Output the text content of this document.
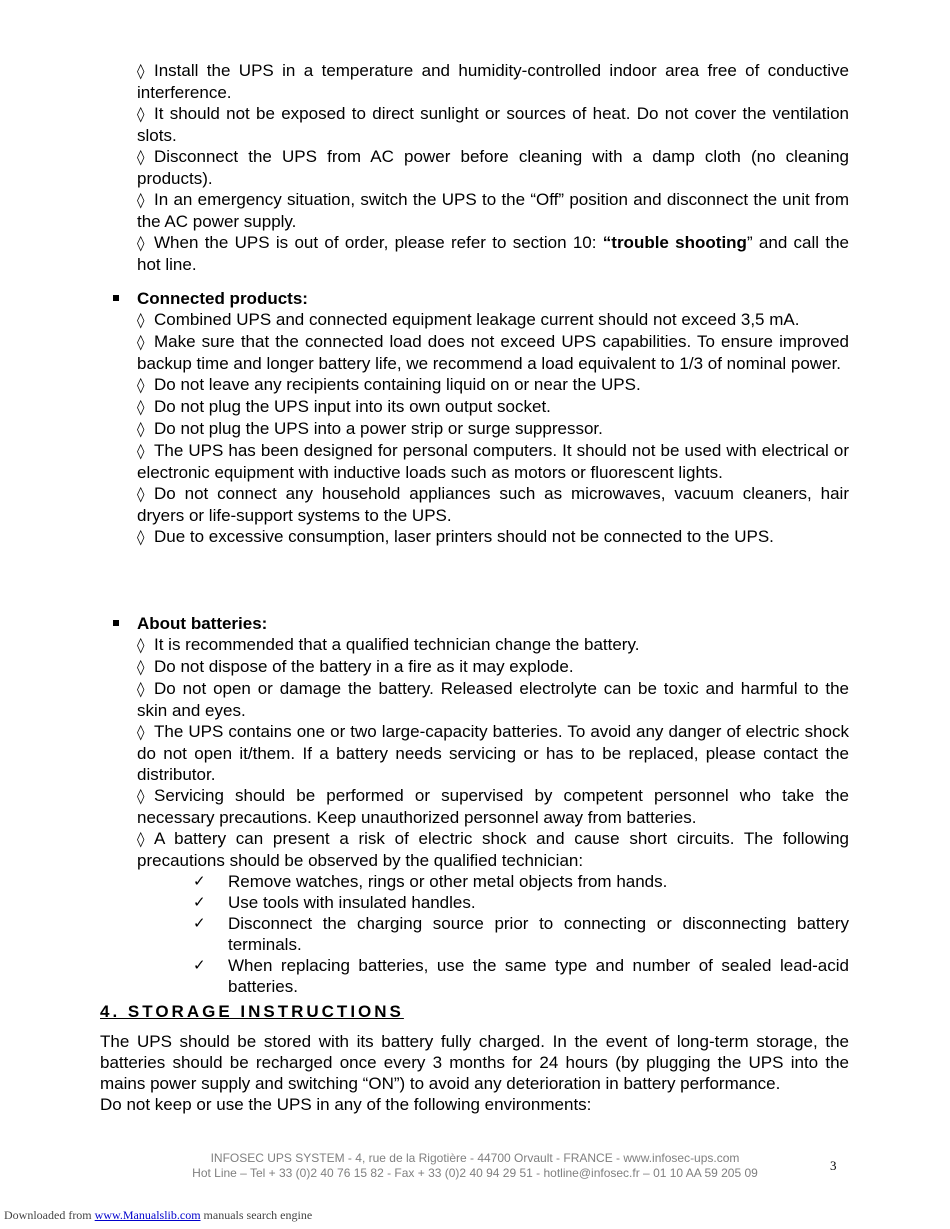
◊ Install the UPS in a temperature and humidity-controlled indoor area free of conductive interference.

◊ It should not be exposed to direct sunlight or sources of heat. Do not cover the ventilation slots.

◊ Disconnect the UPS from AC power before cleaning with a damp cloth (no cleaning products).

◊ In an emergency situation, switch the UPS to the “Off” position and disconnect the unit from the AC power supply.

◊ When the UPS is out of order, please refer to section 10: “trouble shooting” and call the hot line.

Connected products:

◊ Combined UPS and connected equipment leakage current should not exceed 3,5 mA.

◊ Make sure that the connected load does not exceed UPS capabilities. To ensure improved backup time and longer battery life, we recommend a load equivalent to 1/3 of nominal power.

◊ Do not leave any recipients containing liquid on or near the UPS.

◊ Do not plug the UPS input into its own output socket.

◊ Do not plug the UPS into a power strip or surge suppressor.

◊ The UPS has been designed for personal computers. It should not be used with electrical or electronic equipment with inductive loads such as motors or fluorescent lights.

◊ Do not connect any household appliances such as microwaves, vacuum cleaners, hair dryers or life-support systems to the UPS.

◊ Due to excessive consumption, laser printers should not be connected to the UPS.

About batteries:

◊ It is recommended that a qualified technician change the battery.

◊ Do not dispose of the battery in a fire as it may explode.

◊ Do not open or damage the battery. Released electrolyte can be toxic and harmful to the skin and eyes.

◊ The UPS contains one or two large-capacity batteries. To avoid any danger of electric shock do not open it/them. If a battery needs servicing or has to be replaced, please contact the distributor.

◊ Servicing should be performed or supervised by competent personnel who take the necessary precautions. Keep unauthorized personnel away from batteries.

◊ A battery can present a risk of electric shock and cause short circuits. The following precautions should be observed by the qualified technician:

✓ Remove watches, rings or other metal objects from hands.
✓ Use tools with insulated handles.
✓ Disconnect the charging source prior to connecting or disconnecting battery terminals.
✓ When replacing batteries, use the same type and number of sealed lead-acid batteries.

4. STORAGE INSTRUCTIONS

The UPS should be stored with its battery fully charged. In the event of long-term storage, the batteries should be recharged once every 3 months for 24 hours (by plugging the UPS into the mains power supply and switching “ON”) to avoid any deterioration in battery performance.

Do not keep or use the UPS in any of the following environments:

INFOSEC UPS SYSTEM - 4, rue de la Rigotière - 44700 Orvault - FRANCE - www.infosec-ups.com
Hot Line – Tel + 33 (0)2 40 76 15 82 - Fax + 33 (0)2 40 94 29 51 - hotline@infosec.fr – 01 10 AA 59 205 09	3
Downloaded from www.Manualslib.com manuals search engine
